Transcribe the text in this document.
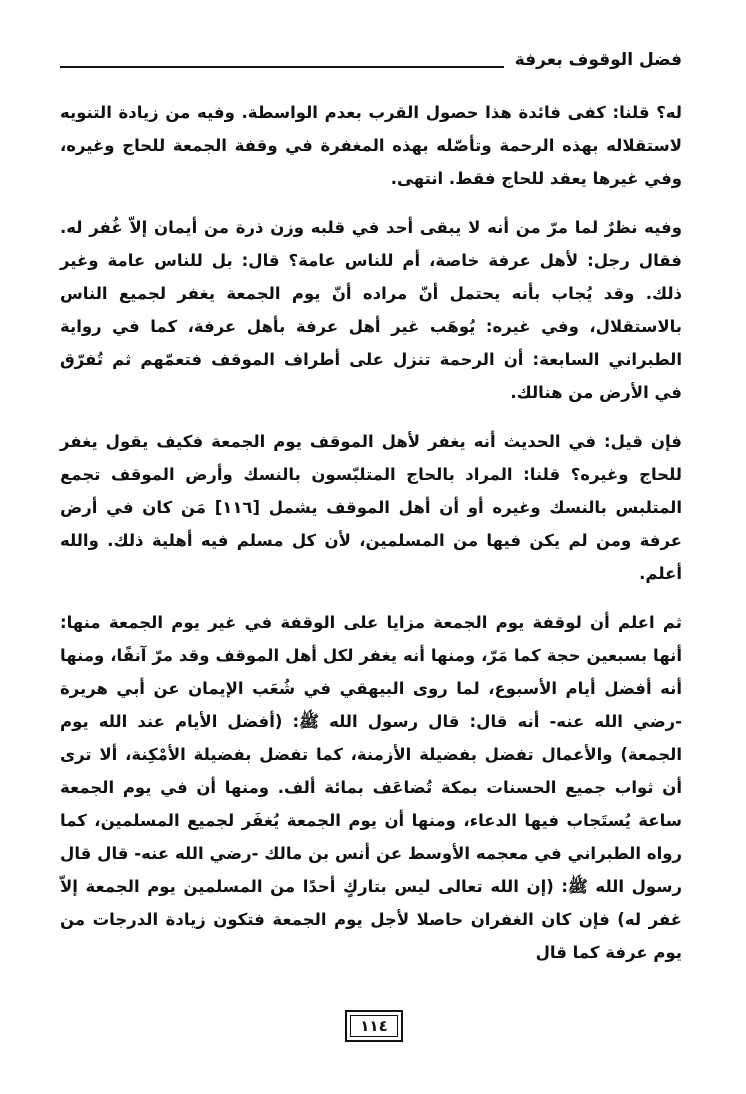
فضل الوقوف بعرفة

له؟ قلنا: كفى فائدة هذا حصول القرب بعدم الواسطة. وفيه من زيادة التنويه لاستقلاله بهذه الرحمة وتأصّله بهذه المغفرة في وقفة الجمعة للحاج وغيره، وفي غيرها يعقد للحاج فقط. انتهى.

وفيه نظرٌ لما مرّ من أنه لا يبقى أحد في قلبه وزن ذرة من أيمان إلاّ غُفر له. فقال رجل: لأهل عرفة خاصة، أم للناس عامة؟ قال: بل للناس عامة وغير ذلك. وقد يُجاب بأنه يحتمل أنّ مراده أنّ يوم الجمعة يغفر لجميع الناس بالاستقلال، وفي غيره: يُوهَب غير أهل عرفة بأهل عرفة، كما في رواية الطبراني السابعة: أن الرحمة تنزل على أطراف الموقف فتعمّهم ثم تُفرّق في الأرض من هنالك.

فإن قيل: في الحديث أنه يغفر لأهل الموقف يوم الجمعة فكيف يقول يغفر للحاج وغيره؟ قلنا: المراد بالحاج المتلبّسون بالنسك وأرض الموقف تجمع المتلبس بالنسك وغيره أو أن أهل الموقف يشمل [١١٦] مَن كان في أرض عرفة ومن لم يكن فيها من المسلمين، لأن كل مسلم فيه أهلية ذلك. والله أعلم.

ثم اعلم أن لوقفة يوم الجمعة مزايا على الوقفة في غير يوم الجمعة منها: أنها بسبعين حجة كما مَرّ، ومنها أنه يغفر لكل أهل الموقف وقد مرّ آنفًا، ومنها أنه أفضل أيام الأسبوع، لما روى البيهقي في شُعَب الإيمان عن أبي هريرة -رضي الله عنه- أنه قال: قال رسول الله ﷺ: (أفضل الأيام عند الله يوم الجمعة) والأعمال تفضل بفضيلة الأزمنة، كما تفضل بفضيلة الأمْكِنة، ألا ترى أن ثواب جميع الحسنات بمكة تُضاعَف بمائة ألف. ومنها أن في يوم الجمعة ساعة يُستَجاب فيها الدعاء، ومنها أن يوم الجمعة يُغفَر لجميع المسلمين، كما رواه الطبراني في معجمه الأوسط عن أنس بن مالك -رضي الله عنه- قال قال رسول الله ﷺ: (إن الله تعالى ليس بتاركٍ أحدًا من المسلمين يوم الجمعة إلاّ غفر له) فإن كان الغفران حاصلا لأجل يوم الجمعة فتكون زيادة الدرجات من يوم عرفة كما قال

١١٤
